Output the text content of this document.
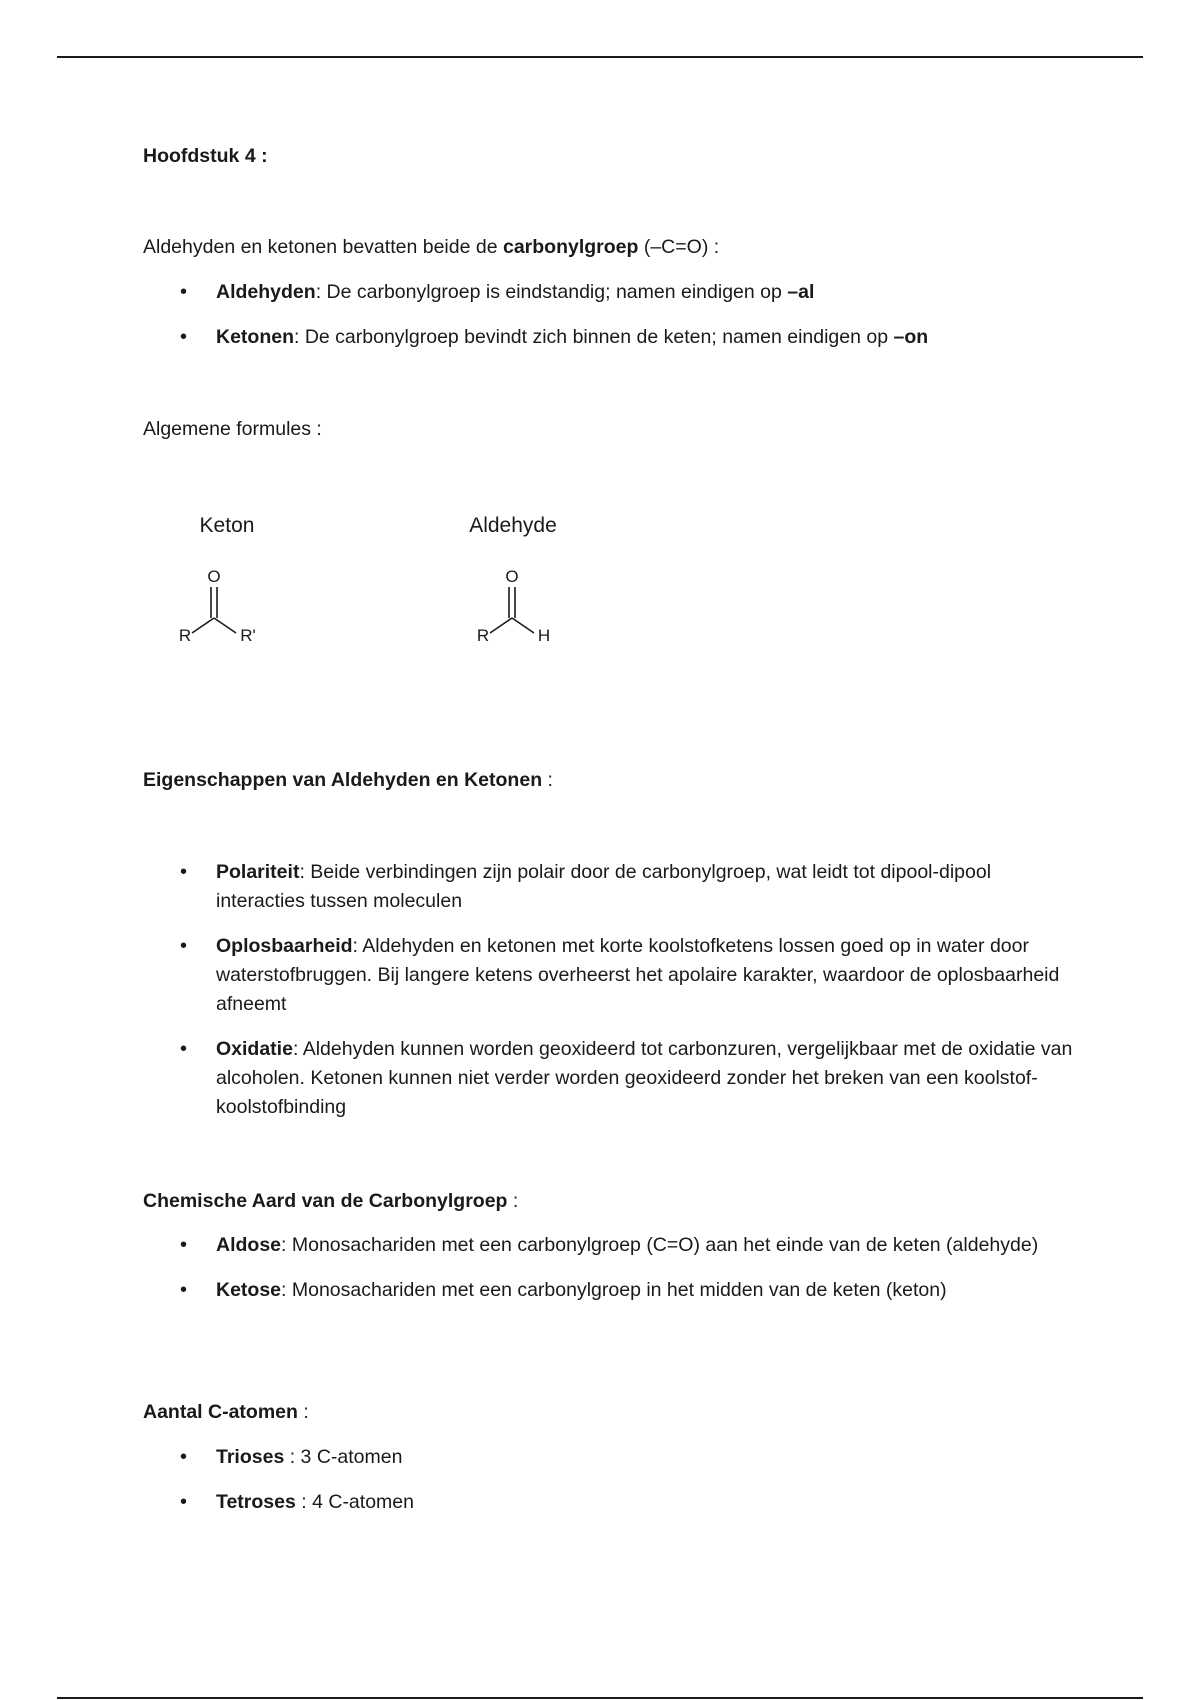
Hoofdstuk 4 :
Aldehyden en ketonen bevatten beide de carbonylgroep (–C=O) :
• Aldehyden: De carbonylgroep is eindstandig; namen eindigen op –al
• Ketonen: De carbonylgroep bevindt zich binnen de keten; namen eindigen op –on
Algemene formules :
Keton
O
R	R'
Aldehyde
O
R	H
Eigenschappen van Aldehyden en Ketonen :
• Polariteit: Beide verbindingen zijn polair door de carbonylgroep, wat leidt tot dipool-dipool interacties tussen moleculen
• Oplosbaarheid: Aldehyden en ketonen met korte koolstofketens lossen goed op in water door waterstofbruggen. Bij langere ketens overheerst het apolaire karakter, waardoor de oplosbaarheid afneemt
• Oxidatie: Aldehyden kunnen worden geoxideerd tot carbonzuren, vergelijkbaar met de oxidatie van alcoholen. Ketonen kunnen niet verder worden geoxideerd zonder het breken van een koolstof-koolstofbinding
Chemische Aard van de Carbonylgroep :
• Aldose: Monosachariden met een carbonylgroep (C=O) aan het einde van de keten (aldehyde)
• Ketose: Monosachariden met een carbonylgroep in het midden van de keten (keton)
Aantal C-atomen :
• Trioses : 3 C-atomen
• Tetroses : 4 C-atomen
